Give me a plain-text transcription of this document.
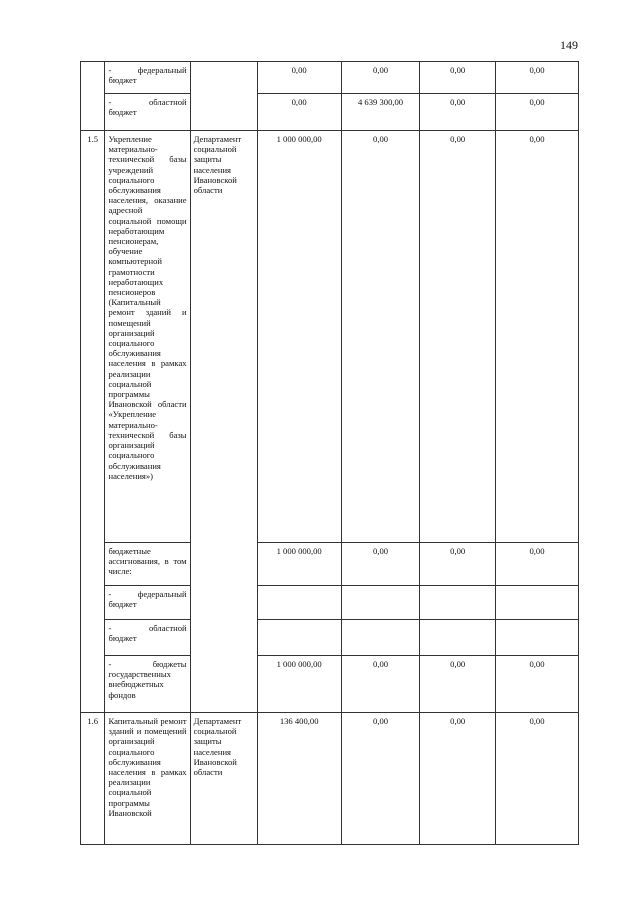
149

	- федеральный
бюджет		0,00	0,00	0,00	0,00

	- областной
бюджет		0,00	4 639 300,00	0,00	0,00
1.5	Укрепление материально-технической базы учреждений социального обслуживания населения, оказание адресной социальной помощи неработающим пенсионерам, обучение компьютерной грамотности неработающих пенсионеров (Капитальный ремонт зданий и помещений организаций социального обслуживания населения в рамках реализации социальной программы Ивановской области «Укрепление материально-технической базы организаций социального обслуживания населения»)	Департамент социальной защиты населения Ивановской области	1 000 000,00	0,00	0,00	0,00
	бюджетные ассигнования, в том числе:		1 000 000,00	0,00	0,00	0,00

	- федеральный
бюджет					

	- областной
бюджет					

	- бюджеты
государственных внебюджетных фондов		1 000 000,00	0,00	0,00	0,00
1.6	Капитальный ремонт зданий и помещений организаций социального обслуживания населения в рамках реализации социальной программы Ивановской	Департамент социальной защиты населения Ивановской области	136 400,00	0,00	0,00	0,00
